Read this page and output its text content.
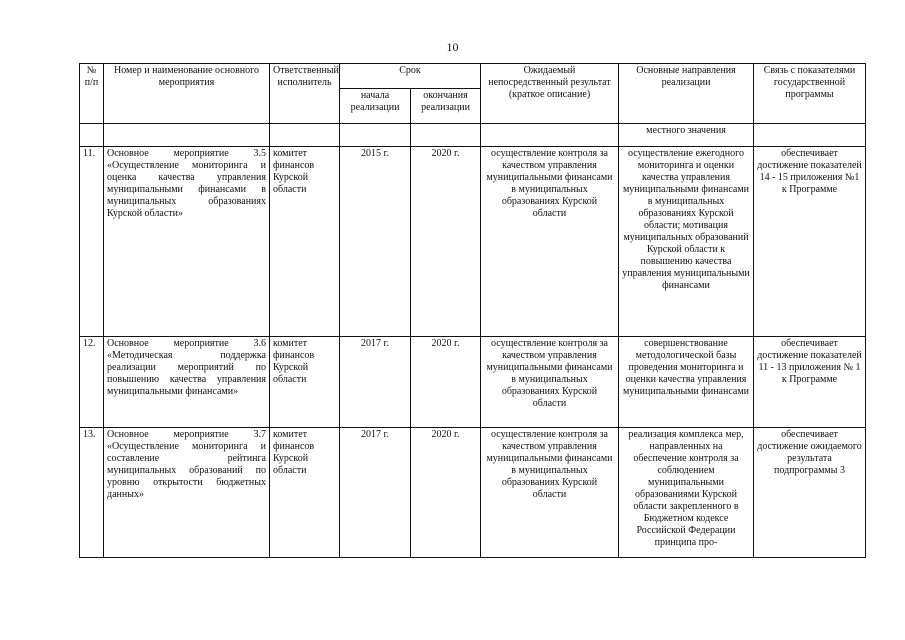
10
№ п/п	Номер и наименование основного мероприятия	Ответственный исполнитель	Срок		Ожидаемый непосредственный результат (краткое описание)	Основные направления реализации	Связь с показателями государственной программы
			начала реализации	окончания реализации			
						местного значения	
11.	Основное мероприятие 3.5 «Осуществление мониторинга и оценка качества управления муниципальными финансами в муниципальных образованиях Курской области»	комитет финансов Курской области	2015 г.	2020 г.	осуществление контроля за качеством управления муниципальными финансами в муниципальных образованиях Курской области	осуществление ежегодного мониторинга и оценки качества управления муниципальными финансами в муниципальных образованиях Курской области; мотивация муниципальных образований Курской области к повышению качества управления муниципальными финансами	обеспечивает достижение показателей 14 - 15 приложения №1 к Программе
12.	Основное мероприятие 3.6 «Методическая поддержка реализации мероприятий по повышению качества управления муниципальными финансами»	комитет финансов Курской области	2017 г.	2020 г.	осуществление контроля за качеством управления муниципальными финансами в муниципальных образованиях Курской области	совершенствование методологической базы проведения мониторинга и оценки качества управления муниципальными финансами	обеспечивает достижение показателей 11 - 13 приложения № 1 к Программе
13.	Основное мероприятие 3.7 «Осуществление мониторинга и составление рейтинга муниципальных образований по уровню открытости бюджетных данных»	комитет финансов Курской области	2017 г.	2020 г.	осуществление контроля за качеством управления муниципальными финансами в муниципальных образованиях Курской области	реализация комплекса мер, направленных на обеспечение контроля за соблюдением муниципальными образованиями Курской области закрепленного в Бюджетном кодексе Российской Федерации принципа про-	обеспечивает достижение ожидаемого результата подпрограммы 3
